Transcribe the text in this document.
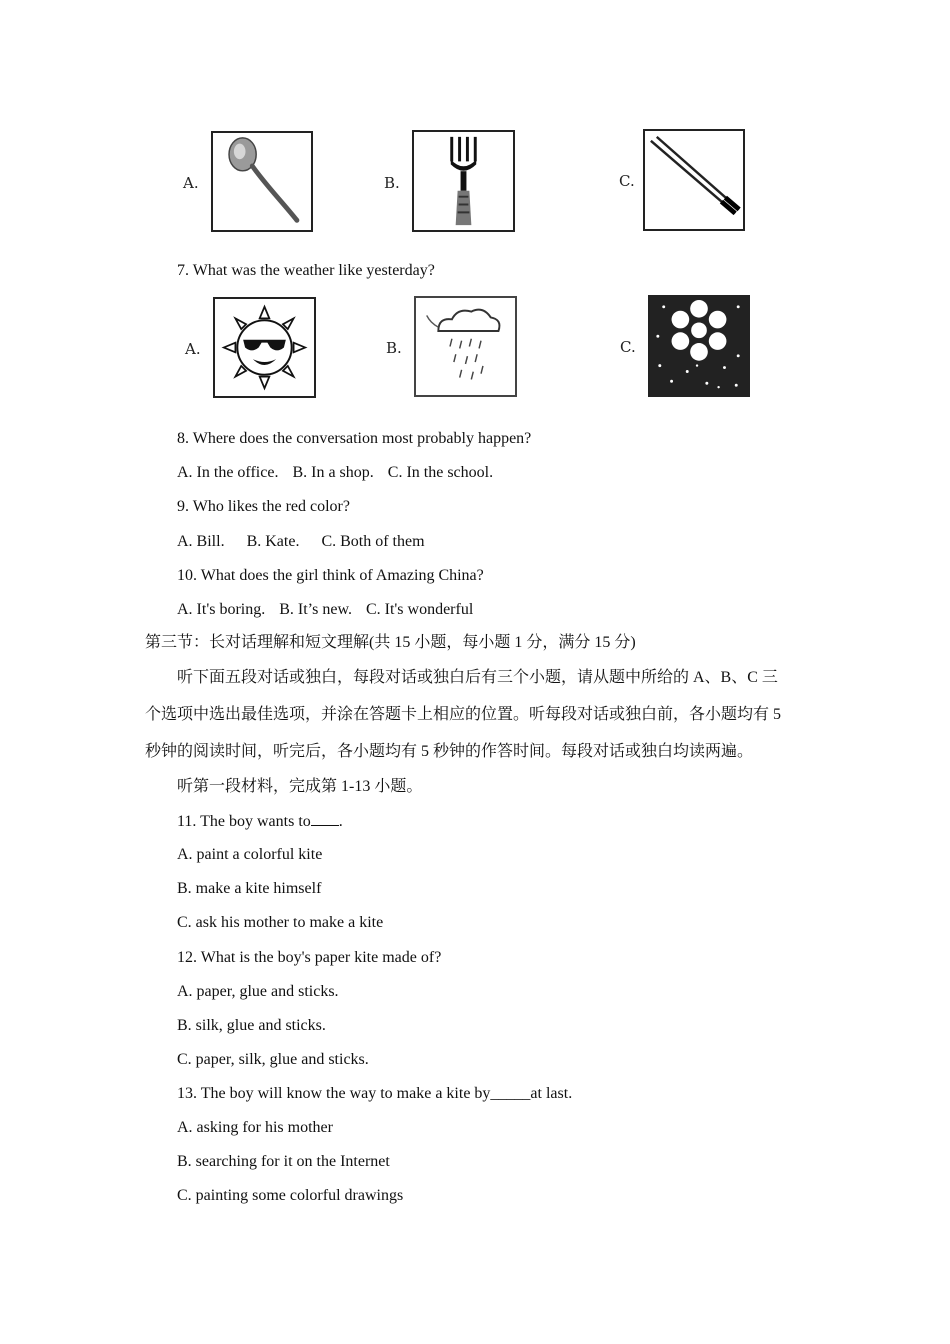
A.	B.	C.
7. What was the weather like yesterday?
A.	B.	C.
8. Where does the conversation most probably happen?
A. In the office. B. In a shop. C. In the school.
9. Who likes the red color?
A. Bill. B. Kate. C. Both of them
10. What does the girl think of Amazing China?
A. It's boring. B. It’s new. C. It's wonderful
第三节：长对话理解和短文理解(共 15 小题，每小题 1 分，满分 15 分)
听下面五段对话或独白，每段对话或独白后有三个小题，请从题中所给的 A、B、C 三
个选项中选出最佳选项，并涂在答题卡上相应的位置。听每段对话或独白前，各小题均有 5
秒钟的阅读时间，听完后，各小题均有 5 秒钟的作答时间。每段对话或独白均读两遍。
听第一段材料，完成第 1-13 小题。
11. The boy wants to .
A. paint a colorful kite
B. make a kite himself
C. ask his mother to make a kite
12. What is the boy's paper kite made of?
A. paper, glue and sticks.
B. silk, glue and sticks.
C. paper, silk, glue and sticks.
13. The boy will know the way to make a kite by_____at last.
A. asking for his mother
B. searching for it on the Internet
C. painting some colorful drawings
